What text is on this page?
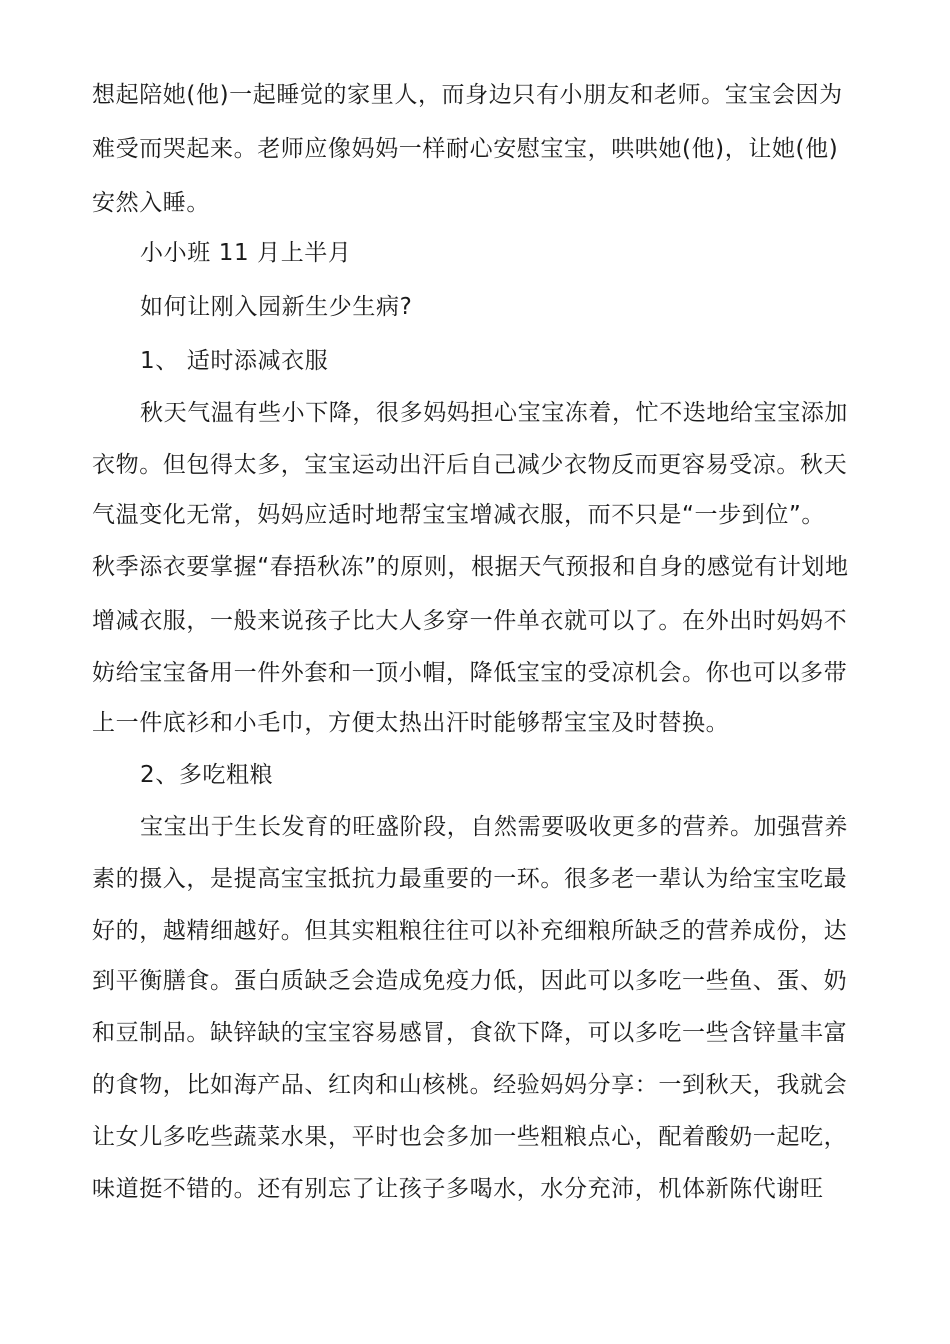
想起陪她(他)一起睡觉的家里人，而身边只有小朋友和老师。宝宝会因为
难受而哭起来。老师应像妈妈一样耐心安慰宝宝，哄哄她(他)，让她(他)
安然入睡。
小小班 11 月上半月
如何让刚入园新生少生病?
1、 适时添减衣服
秋天气温有些小下降，很多妈妈担心宝宝冻着，忙不迭地给宝宝添加
衣物。但包得太多，宝宝运动出汗后自己减少衣物反而更容易受凉。秋天
气温变化无常，妈妈应适时地帮宝宝增减衣服，而不只是“一步到位”。
秋季添衣要掌握“春捂秋冻”的原则，根据天气预报和自身的感觉有计划地
增减衣服，一般来说孩子比大人多穿一件单衣就可以了。在外出时妈妈不
妨给宝宝备用一件外套和一顶小帽，降低宝宝的受凉机会。你也可以多带
上一件底衫和小毛巾，方便太热出汗时能够帮宝宝及时替换。
2、多吃粗粮
宝宝出于生长发育的旺盛阶段，自然需要吸收更多的营养。加强营养
素的摄入，是提高宝宝抵抗力最重要的一环。很多老一辈认为给宝宝吃最
好的，越精细越好。但其实粗粮往往可以补充细粮所缺乏的营养成份，达
到平衡膳食。蛋白质缺乏会造成免疫力低，因此可以多吃一些鱼、蛋、奶
和豆制品。缺锌缺的宝宝容易感冒，食欲下降，可以多吃一些含锌量丰富
的食物，比如海产品、红肉和山核桃。经验妈妈分享：一到秋天，我就会
让女儿多吃些蔬菜水果，平时也会多加一些粗粮点心，配着酸奶一起吃，
味道挺不错的。还有别忘了让孩子多喝水，水分充沛，机体新陈代谢旺
